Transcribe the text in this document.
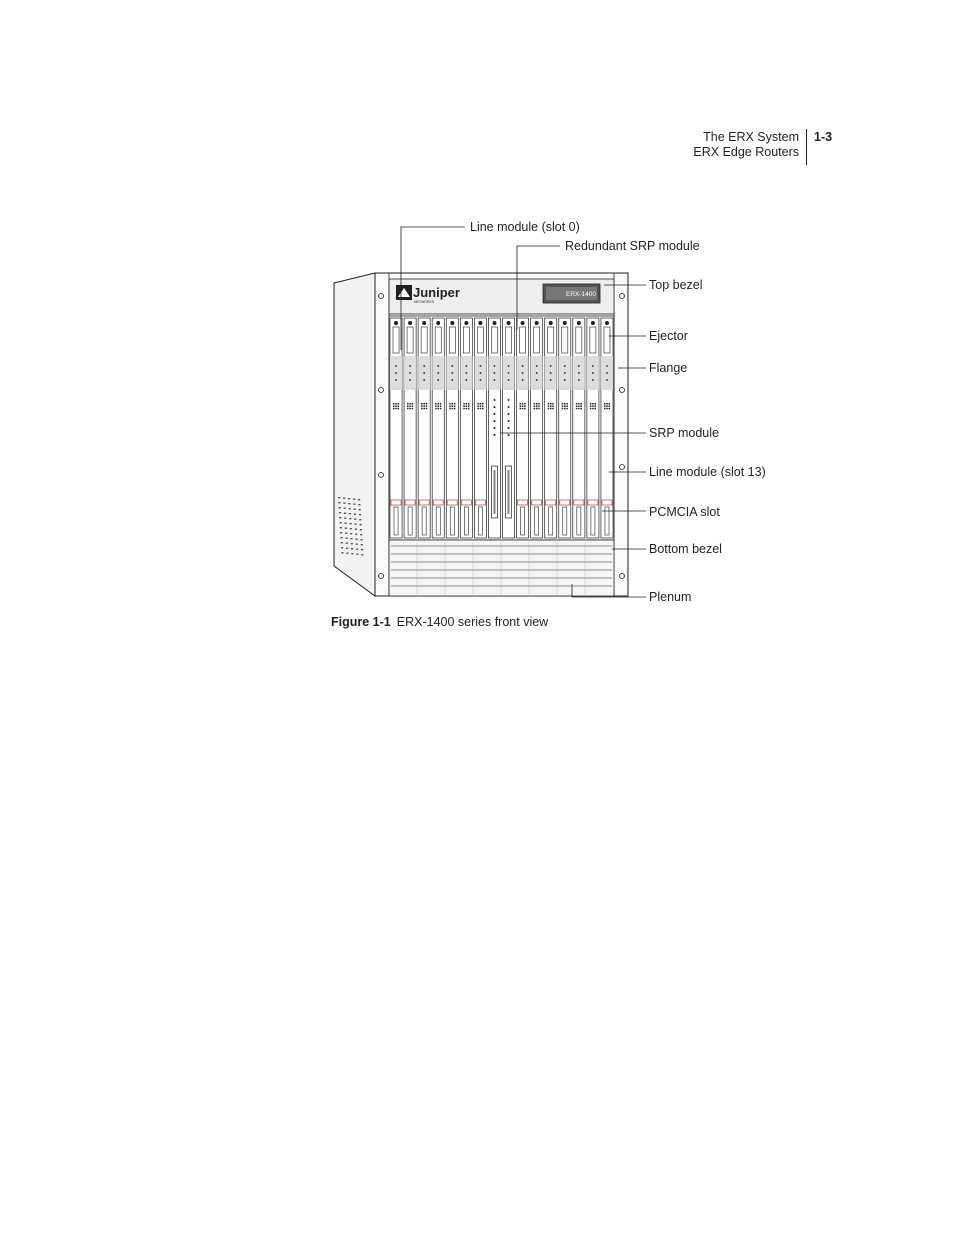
The ERX System
ERX Edge Routers
1-3
Juniper
NETWORKS
ERX-1400
Line module (slot 0)
Redundant SRP module
Top bezel
Ejector
Flange
SRP module
Line module (slot 13)
PCMCIA slot
Bottom bezel
Plenum
Figure 1-1 ERX-1400 series front view
